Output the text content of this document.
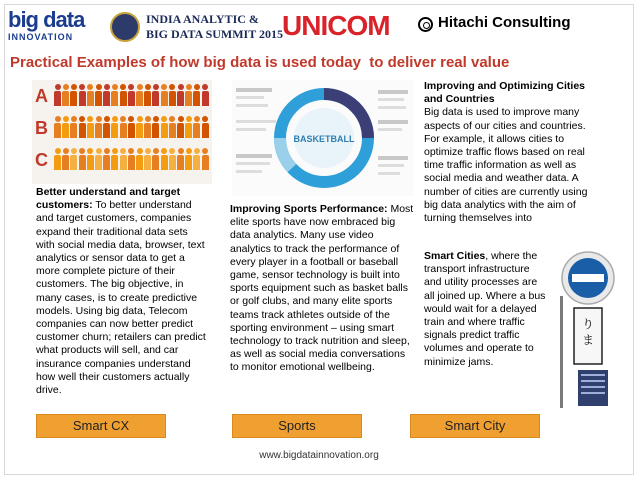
big data
INNOVATION
INDIA ANALYTIC &
BIG DATA SUMMIT 2015
UNICOM	Hitachi Consulting
Practical Examples of how big data is used today  to deliver real value
A
B
C
BASKETBALL
りま
Better understand and target customers: To better understand and target customers, companies expand their traditional data sets with social media data, browser, text analytics or sensor data to get a more complete picture of their customers. The big objective, in many cases, is to create predictive models. Using big data, Telecom companies can now better predict customer churn; retailers can predict what products will sell, and car insurance companies understand how well their customers actually drive.
Improving Sports Performance: Most elite sports have now embraced big data analytics. Many use video analytics to track the performance of every player in a football or baseball game, sensor technology is built into sports equipment such as basket balls or golf clubs, and many elite sports teams track athletes outside of the sporting environment – using smart technology to track nutrition and sleep, as well as social media conversations to monitor emotional wellbeing.
Improving and Optimizing Cities and Countries
Big data is used to improve many aspects of our cities and countries. For example, it allows cities to optimize traffic flows based on real time traffic information as well as social media and weather data. A number of cities are currently using big data analytics with the aim of turning themselves into
Smart Cities, where the transport infrastructure and utility processes are all joined up. Where a bus would wait for a delayed train and where traffic signals predict traffic volumes and operate to minimize jams.
Smart CX	Sports	Smart City
www.bigdatainnovation.org
